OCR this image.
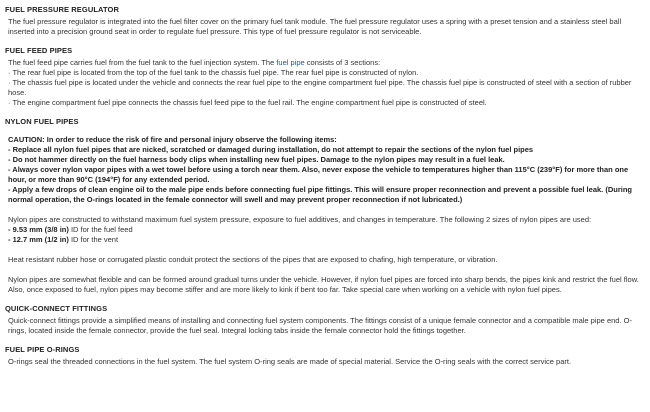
FUEL PRESSURE REGULATOR

The fuel pressure regulator is integrated into the fuel filter cover on the primary fuel tank module. The fuel pressure regulator uses a spring with a preset tension and a stainless steel ball inserted into a precision ground seat in order to regulate fuel pressure. This type of fuel pressure regulator is not serviceable.

FUEL FEED PIPES

The fuel feed pipe carries fuel from the fuel tank to the fuel injection system. The fuel pipe consists of 3 sections:

· The rear fuel pipe is located from the top of the fuel tank to the chassis fuel pipe. The rear fuel pipe is constructed of nylon.

· The chassis fuel pipe is located under the vehicle and connects the rear fuel pipe to the engine compartment fuel pipe. The chassis fuel pipe is constructed of steel with a section of rubber hose.

· The engine compartment fuel pipe connects the chassis fuel feed pipe to the fuel rail. The engine compartment fuel pipe is constructed of steel.

NYLON FUEL PIPES

CAUTION: In order to reduce the risk of fire and personal injury observe the following items:

- Replace all nylon fuel pipes that are nicked, scratched or damaged during installation, do not attempt to repair the sections of the nylon fuel pipes

- Do not hammer directly on the fuel harness body clips when installing new fuel pipes. Damage to the nylon pipes may result in a fuel leak.

- Always cover nylon vapor pipes with a wet towel before using a torch near them. Also, never expose the vehicle to temperatures higher than 115°C (239°F) for more than one hour, or more than 90°C (194°F) for any extended period.

- Apply a few drops of clean engine oil to the male pipe ends before connecting fuel pipe fittings. This will ensure proper reconnection and prevent a possible fuel leak. (During normal operation, the O-rings located in the female connector will swell and may prevent proper reconnection if not lubricated.)

Nylon pipes are constructed to withstand maximum fuel system pressure, exposure to fuel additives, and changes in temperature. The following 2 sizes of nylon pipes are used:

- 9.53 mm (3/8 in) ID for the fuel feed

- 12.7 mm (1/2 in) ID for the vent

Heat resistant rubber hose or corrugated plastic conduit protect the sections of the pipes that are exposed to chafing, high temperature, or vibration.

Nylon pipes are somewhat flexible and can be formed around gradual turns under the vehicle. However, if nylon fuel pipes are forced into sharp bends, the pipes kink and restrict the fuel flow. Also, once exposed to fuel, nylon pipes may become stiffer and are more likely to kink if bent too far. Take special care when working on a vehicle with nylon fuel pipes.

QUICK-CONNECT FITTINGS

Quick-connect fittings provide a simplified means of installing and connecting fuel system components. The fittings consist of a unique female connector and a compatible male pipe end. O-rings, located inside the female connector, provide the fuel seal. Integral locking tabs inside the female connector hold the fittings together.

FUEL PIPE O-RINGS

O-rings seal the threaded connections in the fuel system. The fuel system O-ring seals are made of special material. Service the O-ring seals with the correct service part.
